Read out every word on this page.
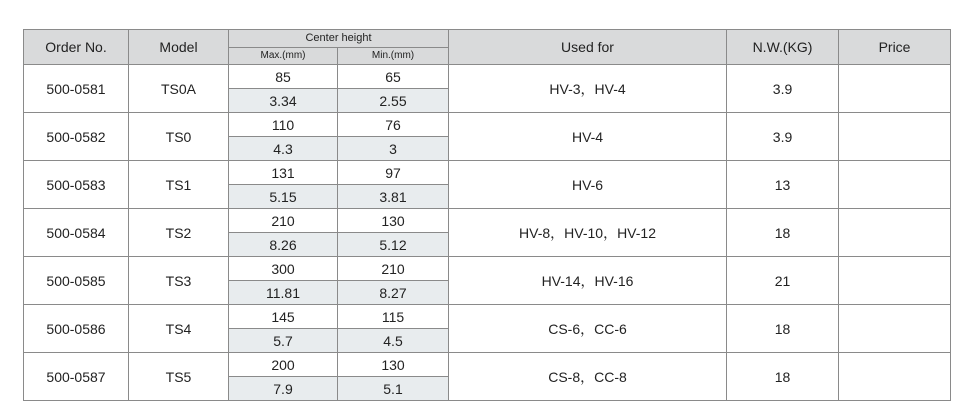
Order No.	Model	Center height		Used for	N.W.(KG)	Price
		Max.(mm)	Min.(mm)			
500-0581	TS0A	85	65	HV-3，HV-4	3.9	
		3.34	2.55			
500-0582	TS0	110	76	HV-4	3.9	
		4.3	3			
500-0583	TS1	131	97	HV-6	13	
		5.15	3.81			
500-0584	TS2	210	130	HV-8，HV-10，HV-12	18	
		8.26	5.12			
500-0585	TS3	300	210	HV-14，HV-16	21	
		11.81	8.27			
500-0586	TS4	145	115	CS-6，CC-6	18	
		5.7	4.5			
500-0587	TS5	200	130	CS-8，CC-8	18	
		7.9	5.1			
